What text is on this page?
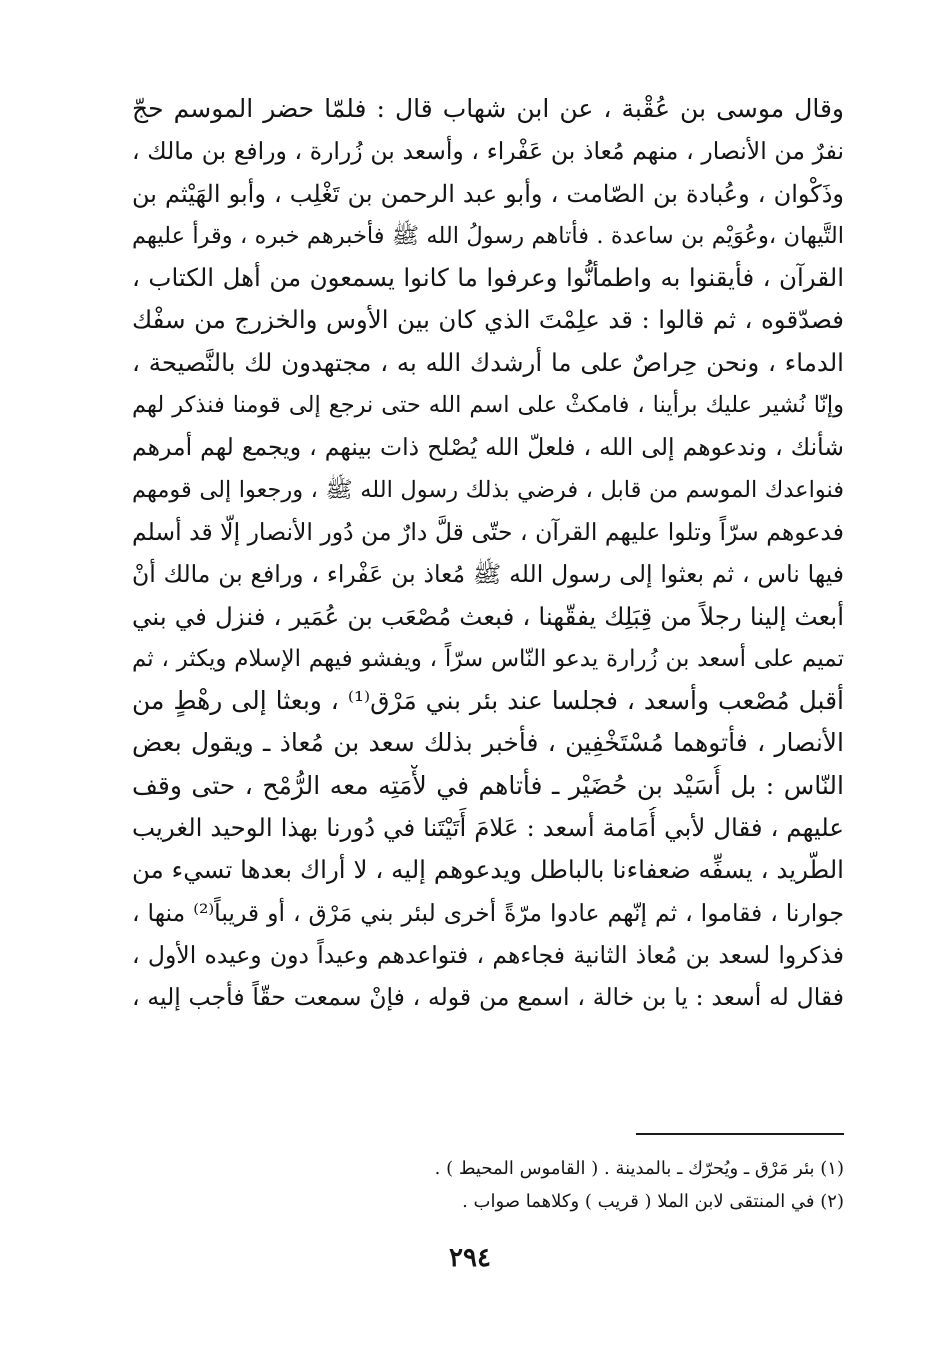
وقال موسى بن عُقْبة ، عن ابن شهاب قال : فلمّا حضر الموسم حجّ
نفرٌ من الأنصار ، منهم مُعاذ بن عَفْراء ، وأسعد بن زُرارة ، ورافع بن مالك ،
وذَكْوان ، وعُبادة بن الصّامت ، وأبو عبد الرحمن بن تَغْلِب ، وأبو الهَيْثم بن
التَّيهان ،وعُوَيْم بن ساعدة . فأتاهم رسولُ الله ﷺ فأخبرهم خبره ، وقرأ عليهم
القرآن ، فأيقنوا به واطمأنُّوا وعرفوا ما كانوا يسمعون من أهل الكتاب ،
فصدّقوه ، ثم قالوا : قد علِمْتَ الذي كان بين الأوس والخزرج من سفْك
الدماء ، ونحن حِراصٌ على ما أرشدك الله به ، مجتهدون لك بالنَّصيحة ،
وإنّا نُشير عليك برأينا ، فامكثْ على اسم الله حتى نرجع إلى قومنا فنذكر لهم
شأنك ، وندعوهم إلى الله ، فلعلّ الله يُصْلح ذات بينهم ، ويجمع لهم أمرهم
فنواعدك الموسم من قابل ، فرضي بذلك رسول الله ﷺ ، ورجعوا إلى قومهم
فدعوهم سرّاً وتلوا عليهم القرآن ، حتّى قلَّ دارٌ من دُور الأنصار إلّا قد أسلم
فيها ناس ، ثم بعثوا إلى رسول الله ﷺ مُعاذ بن عَفْراء ، ورافع بن مالك أنْ
أبعث إلينا رجلاً من قِبَلِك يفقّهنا ، فبعث مُصْعَب بن عُمَير ، فنزل في بني
تميم على أسعد بن زُرارة يدعو النّاس سرّاً ، ويفشو فيهم الإسلام ويكثر ، ثم
أقبل مُصْعب وأسعد ، فجلسا عند بئر بني مَرْق⁽¹⁾ ، وبعثا إلى رهْطٍ من
الأنصار ، فأتوهما مُسْتَخْفِين ، فأخبر بذلك سعد بن مُعاذ ـ ويقول بعض
النّاس : بل أُسَيْد بن حُضَيْر ـ فأتاهم في لأْمَتِه معه الرُّمْح ، حتى وقف
عليهم ، فقال لأبي أُمَامة أسعد : عَلامَ أَتَيْتَنا في دُورنا بهذا الوحيد الغريب
الطّريد ، يسفِّه ضعفاءنا بالباطل ويدعوهم إليه ، لا أراك بعدها تسيء من
جوارنا ، فقاموا ، ثم إنّهم عادوا مرّةً أخرى لبئر بني مَرْق ، أو قريباً⁽²⁾ منها ،
فذكروا لسعد بن مُعاذ الثانية فجاءهم ، فتواعدهم وعيداً دون وعيده الأول ،
فقال له أسعد : يا بن خالة ، اسمع من قوله ، فإنْ سمعت حقّاً فأجب إليه ،
(١) بئر مَرْق ـ ويُحرّك ـ بالمدينة . ( القاموس المحيط ) .
(٢) في المنتقى لابن الملا ( قريب ) وكلاهما صواب .
٢٩٤
